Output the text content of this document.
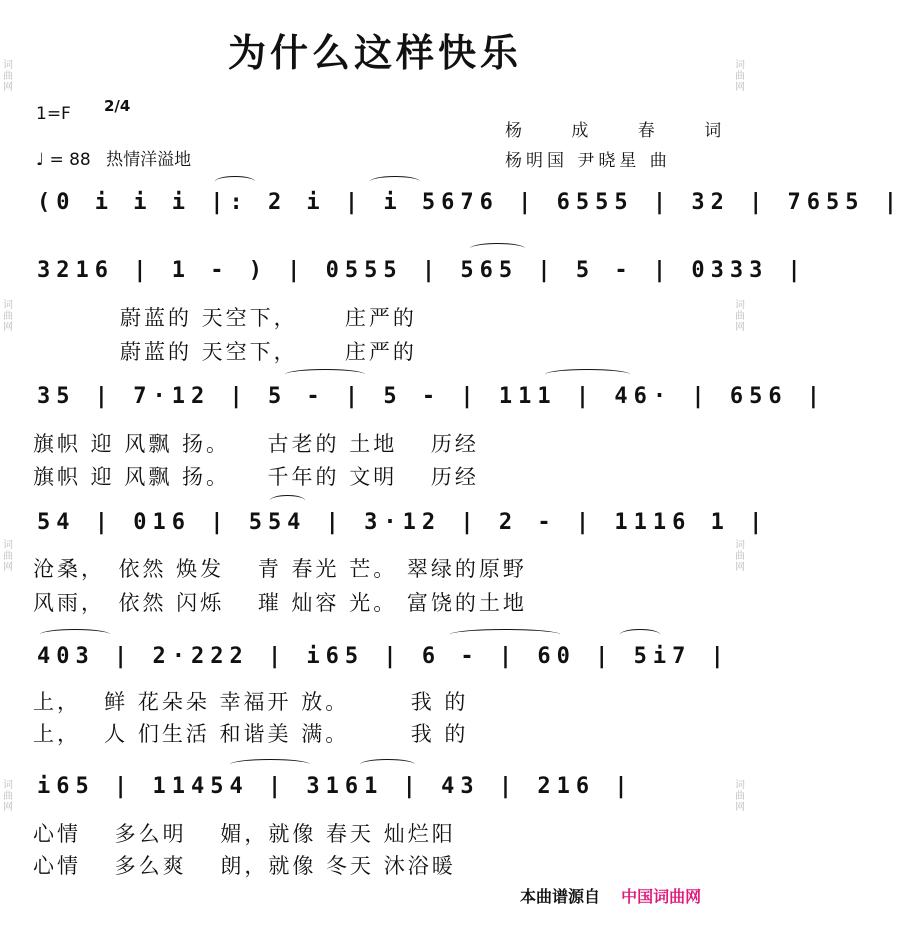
为什么这样快乐
1=F 2/4
♩ = 88 热情洋溢地
杨 成 春 词
杨明国 尹晓星 曲
词曲网
词曲网
词曲网
词曲网
词曲网
词曲网
词曲网
词曲网
(0 i i i |: 2 i | i 5676 | 6555 | 32 | 7655 |
3216 | 1 - ) | 0555 | 565 | 5 - | 0333 |
蔚蓝的 天空下，　　 庄严的
蔚蓝的 天空下，　　 庄严的
35 | 7·12 | 5 - | 5 - | 111 | 46· | 656 |
旗帜 迎 风飘 扬。　　古老的 土地　 历经
旗帜 迎 风飘 扬。　　千年的 文明　 历经
54 | 016 | 554 | 3·12 | 2 - | 1116 1 |
沧桑，　依然 焕发　 青 春光 芒。 翠绿的原野
风雨，　依然 闪烁　 璀 灿容 光。 富饶的土地
403 | 2·222 | i65 | 6 - | 60 | 5i7 |
上，　 鲜 花朵朵 幸福开 放。　　　我 的
上，　 人 们生活 和谐美 满。　　　我 的
i65 | 11454 | 3161 | 43 | 216 |
心情　 多么明　 媚，就像 春天 灿烂阳
心情　 多么爽　 朗，就像 冬天 沐浴暖
本曲谱源自 中国词曲网
